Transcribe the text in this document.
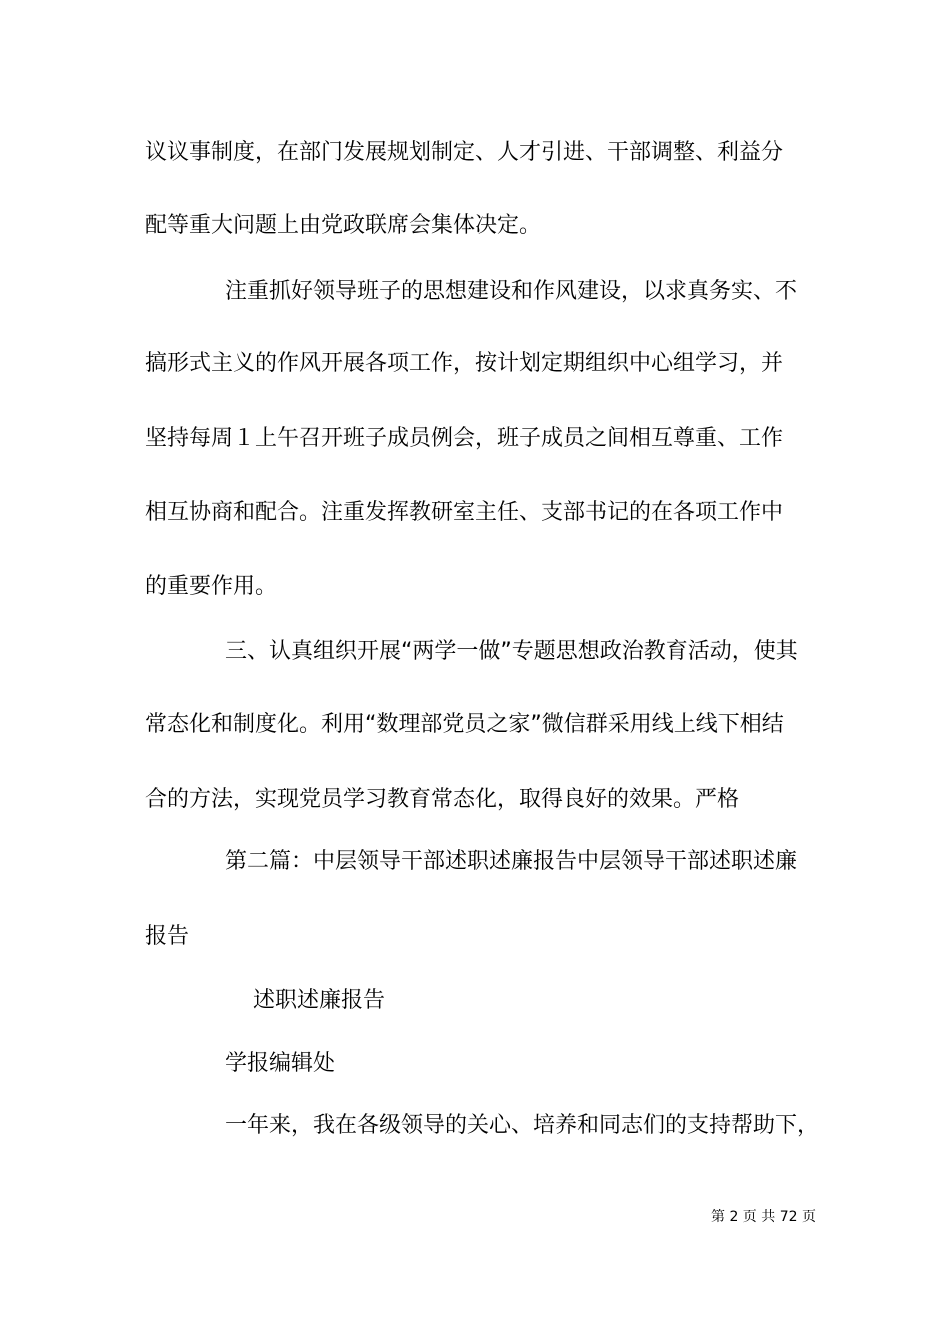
议议事制度，在部门发展规划制定、人才引进、干部调整、利益分
配等重大问题上由党政联席会集体决定。
注重抓好领导班子的思想建设和作风建设，以求真务实、不
搞形式主义的作风开展各项工作，按计划定期组织中心组学习，并
坚持每周１上午召开班子成员例会，班子成员之间相互尊重、工作
相互协商和配合。注重发挥教研室主任、支部书记的在各项工作中
的重要作用。
三、认真组织开展“两学一做”专题思想政治教育活动，使其
常态化和制度化。利用“数理部党员之家”微信群采用线上线下相结
合的方法，实现党员学习教育常态化，取得良好的效果。严格
第二篇：中层领导干部述职述廉报告中层领导干部述职述廉
报告
述职述廉报告
学报编辑处
一年来，我在各级领导的关心、培养和同志们的支持帮助下，
第 2 页 共 72 页
